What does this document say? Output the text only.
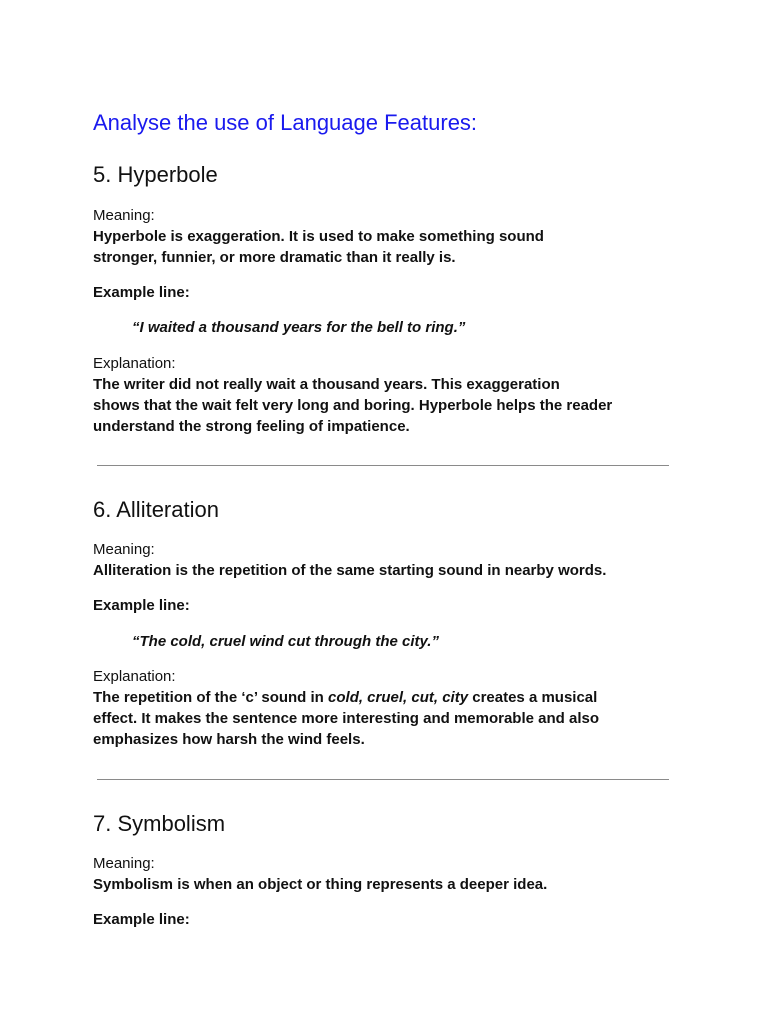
Analyse the use of Language Features:
5. Hyperbole
Meaning:
Hyperbole is exaggeration. It is used to make something sound
stronger, funnier, or more dramatic than it really is.
Example line:
“I waited a thousand years for the bell to ring.”
Explanation:
The writer did not really wait a thousand years. This exaggeration
shows that the wait felt very long and boring. Hyperbole helps the reader
understand the strong feeling of impatience.
6. Alliteration
Meaning:
Alliteration is the repetition of the same starting sound in nearby words.
Example line:
“The cold, cruel wind cut through the city.”
Explanation:
The repetition of the ‘c’ sound in cold, cruel, cut, city creates a musical
effect. It makes the sentence more interesting and memorable and also
emphasizes how harsh the wind feels.
7. Symbolism
Meaning:
Symbolism is when an object or thing represents a deeper idea.
Example line:
